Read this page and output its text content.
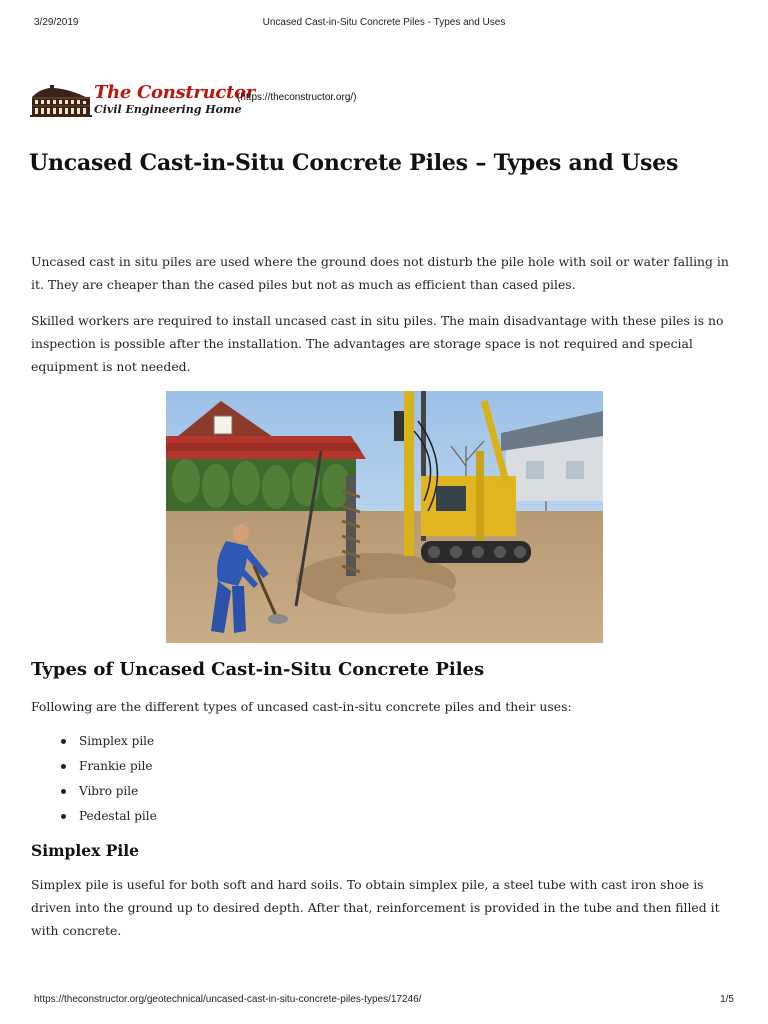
3/29/2019	Uncased Cast-in-Situ Concrete Piles - Types and Uses
The Constructor
Civil Engineering Home
(https://theconstructor.org/)
Uncased Cast-in-Situ Concrete Piles – Types and Uses

Uncased cast in situ piles are used where the ground does not disturb the pile hole with soil or water falling in it. They are cheaper than the cased piles but not as much as efficient than cased piles.

Skilled workers are required to install uncased cast in situ piles. The main disadvantage with these piles is no inspection is possible after the installation. The advantages are storage space is not required and special equipment is not needed.

Types of Uncased Cast-in-Situ Concrete Piles

Following are the different types of uncased cast-in-situ concrete piles and their uses:

Simplex pile
Frankie pile
Vibro pile
Pedestal pile
Simplex Pile

Simplex pile is useful for both soft and hard soils. To obtain simplex pile, a steel tube with cast iron shoe is driven into the ground up to desired depth. After that, reinforcement is provided in the tube and then filled it with concrete.

https://theconstructor.org/geotechnical/uncased-cast-in-situ-concrete-piles-types/17246/	1/5
